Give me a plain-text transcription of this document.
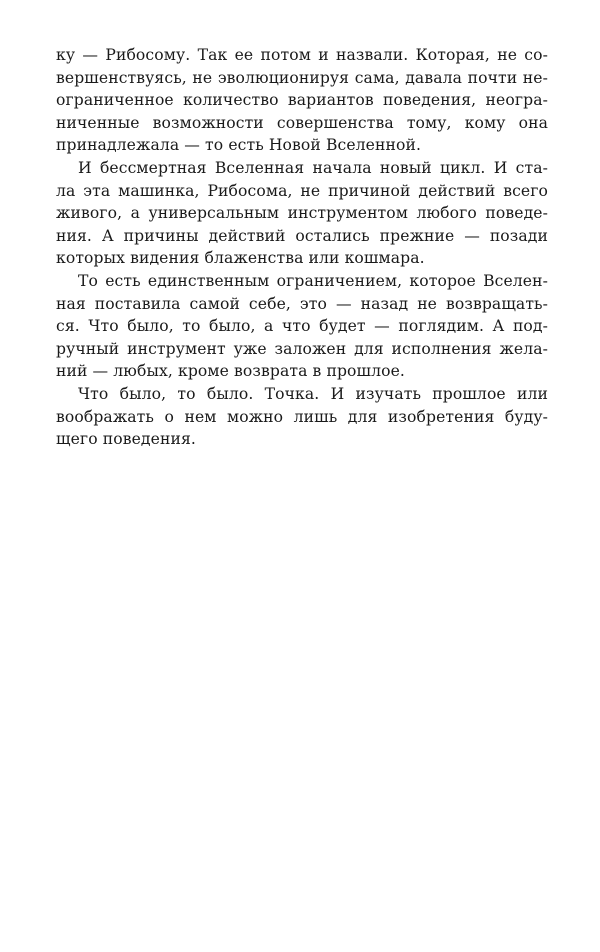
ку — Рибосому. Так ее потом и назвали. Которая, не со-
вершенствуясь, не эволюционируя сама, давала почти не-
ограниченное количество вариантов поведения, неогра-
ниченные возможности совершенства тому, кому она
принадлежала — то есть Новой Вселенной.
И бессмертная Вселенная начала новый цикл. И ста-
ла эта машинка, Рибосома, не причиной действий всего
живого, а универсальным инструментом любого поведе-
ния. А причины действий остались прежние — позади
которых видения блаженства или кошмара.
То есть единственным ограничением, которое Вселен-
ная поставила самой себе, это — назад не возвращать-
ся. Что было, то было, а что будет — поглядим. А под-
ручный инструмент уже заложен для исполнения жела-
ний — любых, кроме возврата в прошлое.
Что было, то было. Точка. И изучать прошлое или
воображать о нем можно лишь для изобретения буду-
щего поведения.
